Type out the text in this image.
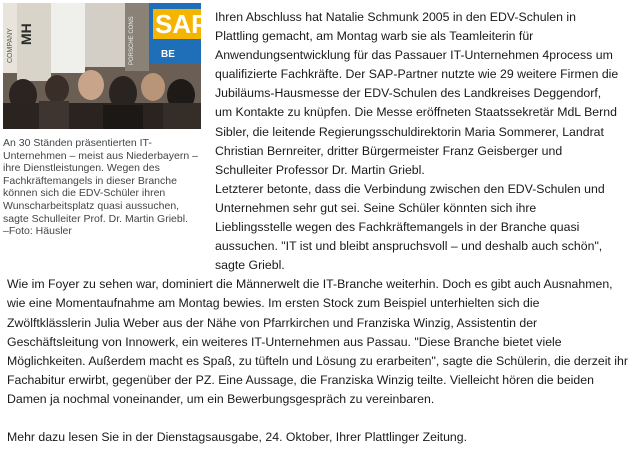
SAP
BE
COMPANY	PORSCHE CONS
MH
An 30 Ständen präsentierten IT-
Unternehmen – meist aus Niederbayern –
ihre Dienstleistungen. Wegen des
Fachkräftemangels in dieser Branche
können sich die EDV-Schüler ihren
Wunscharbeitsplatz quasi aussuchen,
sagte Schulleiter Prof. Dr. Martin Griebl.
–Foto: Häusler

Ihren Abschluss hat Natalie Schmunk 2005 in den EDV-Schulen in
Plattling gemacht, am Montag warb sie als Teamleiterin für
Anwendungsentwicklung für das Passauer IT-Unternehmen 4process um
qualifizierte Fachkräfte. Der SAP-Partner nutzte wie 29 weitere Firmen die
Jubiläums-Hausmesse der EDV-Schulen des Landkreises Deggendorf,
um Kontakte zu knüpfen. Die Messe eröffneten Staatssekretär MdL Bernd
Sibler, die leitende Regierungsschuldirektorin Maria Sommerer, Landrat
Christian Bernreiter, dritter Bürgermeister Franz Geisberger und
Schulleiter Professor Dr. Martin Griebl.

Letzterer betonte, dass die Verbindung zwischen den EDV-Schulen und
Unternehmen sehr gut sei. Seine Schüler könnten sich ihre
Lieblingsstelle wegen des Fachkräftemangels in der Branche quasi
aussuchen. "IT ist und bleibt anspruchsvoll – und deshalb auch schön",
sagte Griebl.

Wie im Foyer zu sehen war, dominiert die Männerwelt die IT-Branche weiterhin. Doch es gibt auch Ausnahmen,
wie eine Momentaufnahme am Montag bewies. Im ersten Stock zum Beispiel unterhielten sich die
Zwölftklässlerin Julia Weber aus der Nähe von Pfarrkirchen und Franziska Winzig, Assistentin der
Geschäftsleitung von Innowerk, ein weiteres IT-Unternehmen aus Passau. "Diese Branche bietet viele
Möglichkeiten. Außerdem macht es Spaß, zu tüfteln und Lösung zu erarbeiten", sagte die Schülerin, die derzeit ihr
Fachabitur erwirbt, gegenüber der PZ. Eine Aussage, die Franziska Winzig teilte. Vielleicht hören die beiden
Damen ja nochmal voneinander, um ein Bewerbungsgespräch zu vereinbaren.

Mehr dazu lesen Sie in der Dienstagsausgabe, 24. Oktober, Ihrer Plattlinger Zeitung.
